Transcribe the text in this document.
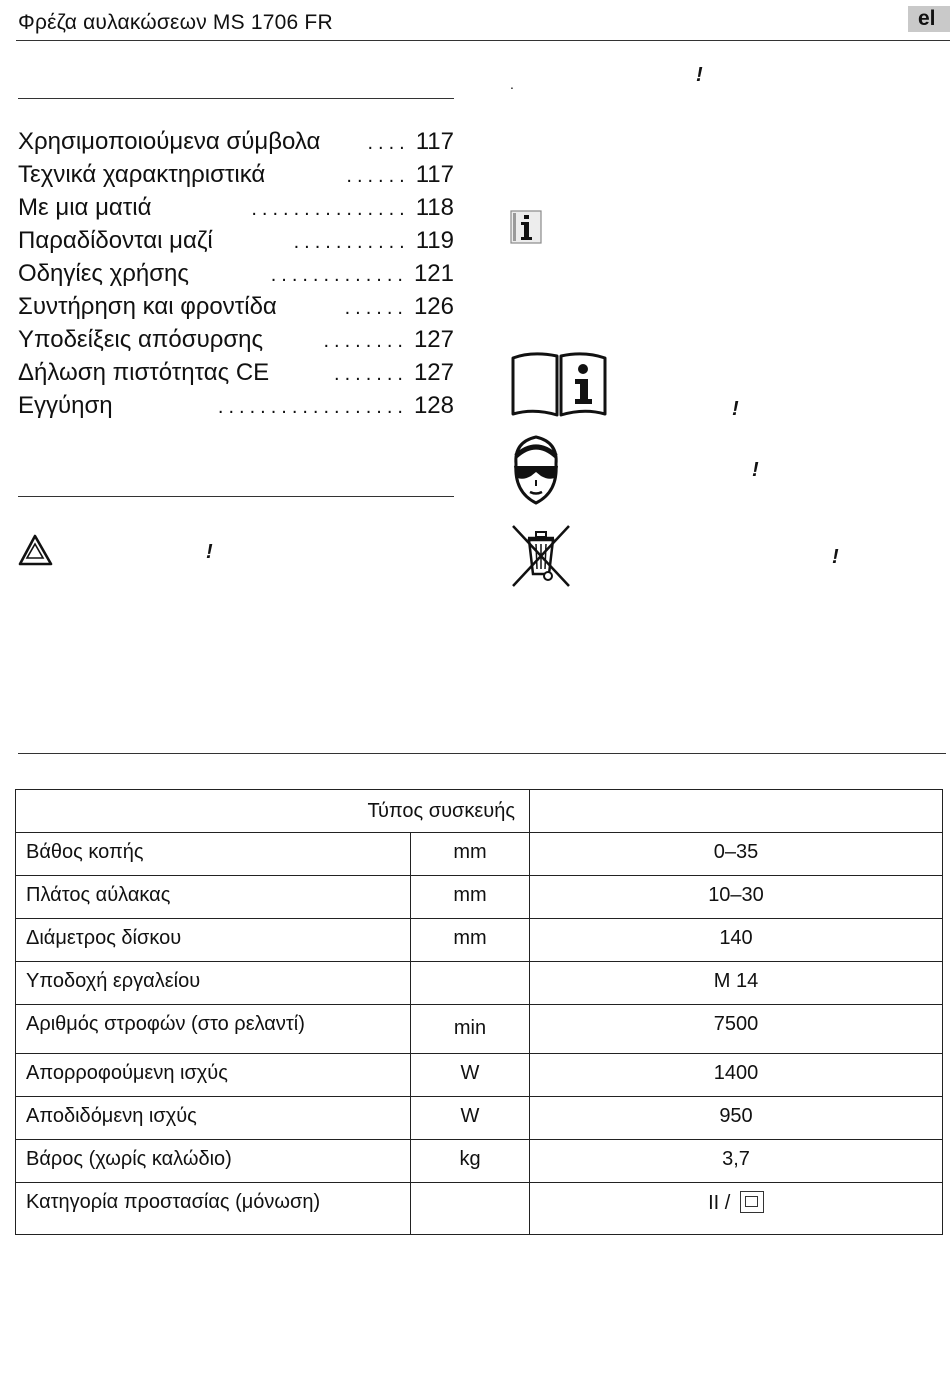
Φρέζα αυλακώσεων MS 1706 FR	el
Χρησιμοποιούμενα σύμβολα	.... 117
Τεχνικά χαρακτηριστικά	...... 117
Με μια ματιά	............... 118
Παραδίδονται μαζί	........... 119
Οδηγίες χρήσης	............. 121
Συντήρηση και φροντίδα	...... 126
Υποδείξεις απόσυρσης	........ 127
Δήλωση πιστότητας CE	....... 127
Εγγύηση	.................. 128
!
.	!
!
!
!
Τύπος συσκευής		
Βάθος κοπής	mm	0–35
Πλάτος αύλακας	mm	10–30
Διάμετρος δίσκου	mm	140
Υποδοχή εργαλείου		M 14
Αριθμός στροφών (στο ρελαντί)	min	7500
Απορροφούμενη ισχύς	W	1400
Αποδιδόμενη ισχύς	W	950
Βάρος (χωρίς καλώδιο)	kg	3,7
Κατηγορία προστασίας (μόνωση)		II /
